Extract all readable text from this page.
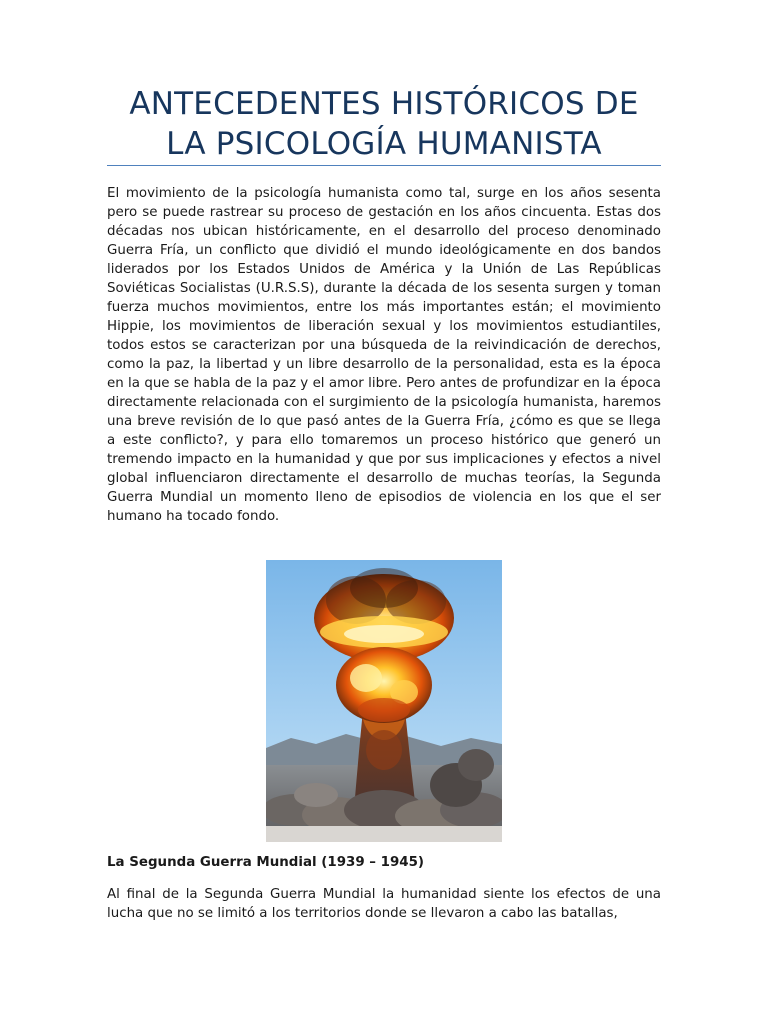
ANTECEDENTES HISTÓRICOS DE LA PSICOLOGÍA HUMANISTA

El movimiento de la psicología humanista como tal, surge en los años sesenta pero se puede rastrear su proceso de gestación en los años cincuenta. Estas dos décadas nos ubican históricamente, en el desarrollo del proceso denominado Guerra Fría, un conflicto que dividió el mundo ideológicamente en dos bandos liderados por los Estados Unidos de América y la Unión de Las Repúblicas Soviéticas Socialistas (U.R.S.S), durante la década de los sesenta surgen y toman fuerza muchos movimientos, entre los más importantes están; el movimiento Hippie, los movimientos de liberación sexual y los movimientos estudiantiles, todos estos se caracterizan por una búsqueda de la reivindicación de derechos, como la paz, la libertad y un libre desarrollo de la personalidad, esta es la época en la que se habla de la paz y el amor libre. Pero antes de profundizar en la época directamente relacionada con el surgimiento de la psicología humanista, haremos una breve revisión de lo que pasó antes de la Guerra Fría, ¿cómo es que se llega a este conflicto?, y para ello tomaremos un proceso histórico que generó un tremendo impacto en la humanidad y que por sus implicaciones y efectos a nivel global influenciaron directamente el desarrollo de muchas teorías, la Segunda Guerra Mundial un momento lleno de episodios de violencia en los que el ser humano ha tocado fondo.

La Segunda Guerra Mundial (1939 – 1945)

Al final de la Segunda Guerra Mundial la humanidad siente los efectos de una lucha que no se limitó a los territorios donde se llevaron a cabo las batallas,
